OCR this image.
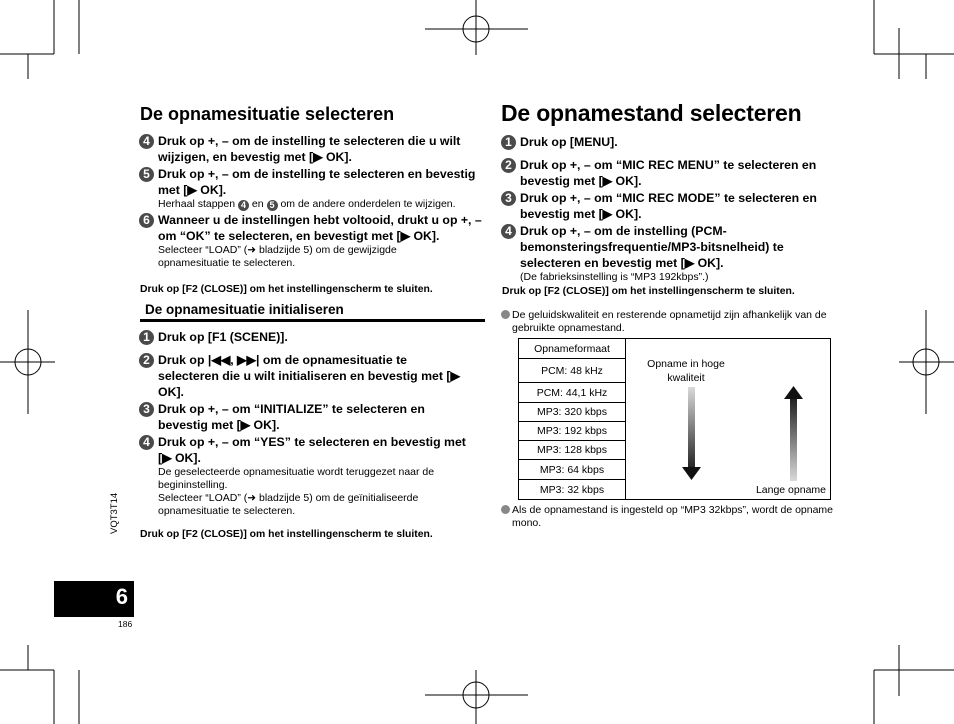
De opnamesituatie selecteren
4 Druk op +, – om de instelling te selecteren die u wilt wijzigen, en bevestig met [▶ OK].
5 Druk op +, – om de instelling te selecteren en bevestig met [▶ OK].
Herhaal stappen 4 en 5 om de andere onderdelen te wijzigen.
6 Wanneer u de instellingen hebt voltooid, drukt u op +, – om “OK” te selecteren, en bevestigt met [▶ OK].
Selecteer “LOAD” (➜ bladzijde 5) om de gewijzigde opnamesituatie te selecteren.
Druk op [F2 (CLOSE)] om het instellingenscherm te sluiten.
De opnamesituatie initialiseren
1 Druk op [F1 (SCENE)].
2 Druk op |◀◀, ▶▶| om de opnamesituatie te selecteren die u wilt initialiseren en bevestig met [▶ OK].
3 Druk op +, – om “INITIALIZE” te selecteren en bevestig met [▶ OK].
4 Druk op +, – om “YES” te selecteren en bevestig met [▶ OK].
De geselecteerde opnamesituatie wordt teruggezet naar de begininstelling.
Selecteer “LOAD” (➜ bladzijde 5) om de geïnitialiseerde opnamesituatie te selecteren.
Druk op [F2 (CLOSE)] om het instellingenscherm te sluiten.
De opnamestand selecteren
1 Druk op [MENU].
2 Druk op +, – om “MIC REC MENU” te selecteren en bevestig met [▶ OK].
3 Druk op +, – om “MIC REC MODE” te selecteren en bevestig met [▶ OK].
4 Druk op +, – om de instelling (PCM-bemonsteringsfrequentie/MP3-bitsnelheid) te selecteren en bevestig met [▶ OK].
(De fabrieksinstelling is “MP3 192kbps”.)
Druk op [F2 (CLOSE)] om het instellingenscherm te sluiten.
De geluidskwaliteit en resterende opnametijd zijn afhankelijk van de gebruikte opnamestand.
Opnameformaat	
Opname in hoge kwaliteit
Lange opname

PCM: 48 kHz
PCM: 44,1 kHz
MP3: 320 kbps
MP3: 192 kbps
MP3: 128 kbps
MP3: 64 kbps
MP3: 32 kbps
Als de opnamestand is ingesteld op “MP3 32kbps”, wordt de opname mono.
VQT3T14
6
186
